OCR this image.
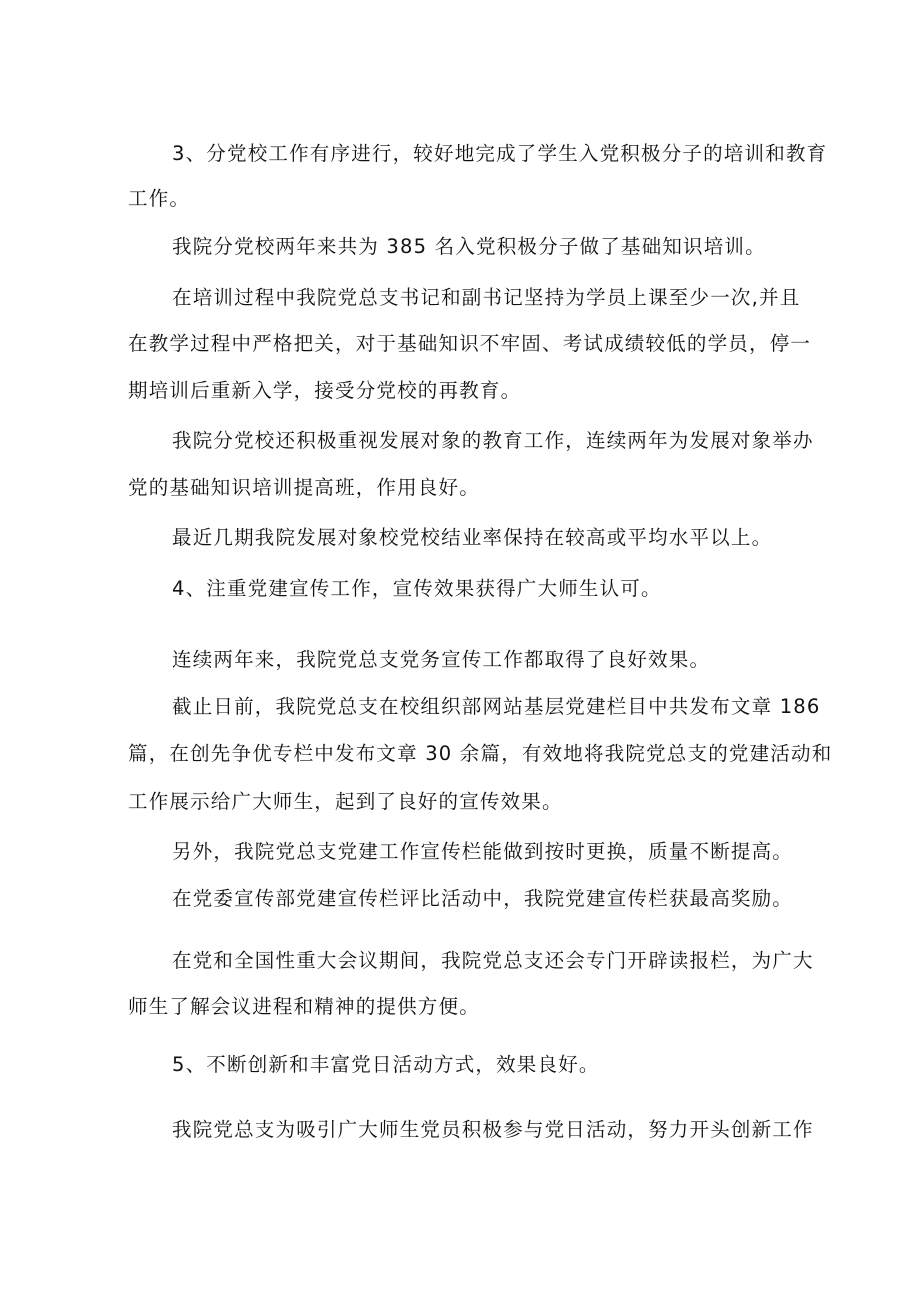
3、分党校工作有序进行，较好地完成了学生入党积极分子的培训和教育

工作。

我院分党校两年来共为 385 名入党积极分子做了基础知识培训。

在培训过程中我院党总支书记和副书记坚持为学员上课至少一次,并且

在教学过程中严格把关，对于基础知识不牢固、考试成绩较低的学员，停一

期培训后重新入学，接受分党校的再教育。

我院分党校还积极重视发展对象的教育工作，连续两年为发展对象举办

党的基础知识培训提高班，作用良好。

最近几期我院发展对象校党校结业率保持在较高或平均水平以上。

4、注重党建宣传工作，宣传效果获得广大师生认可。

连续两年来，我院党总支党务宣传工作都取得了良好效果。

截止日前，我院党总支在校组织部网站基层党建栏目中共发布文章 186

篇，在创先争优专栏中发布文章 30 余篇，有效地将我院党总支的党建活动和

工作展示给广大师生，起到了良好的宣传效果。

另外，我院党总支党建工作宣传栏能做到按时更换，质量不断提高。

在党委宣传部党建宣传栏评比活动中，我院党建宣传栏获最高奖励。

在党和全国性重大会议期间，我院党总支还会专门开辟读报栏，为广大

师生了解会议进程和精神的提供方便。

5、不断创新和丰富党日活动方式，效果良好。

我院党总支为吸引广大师生党员积极参与党日活动，努力开头创新工作
